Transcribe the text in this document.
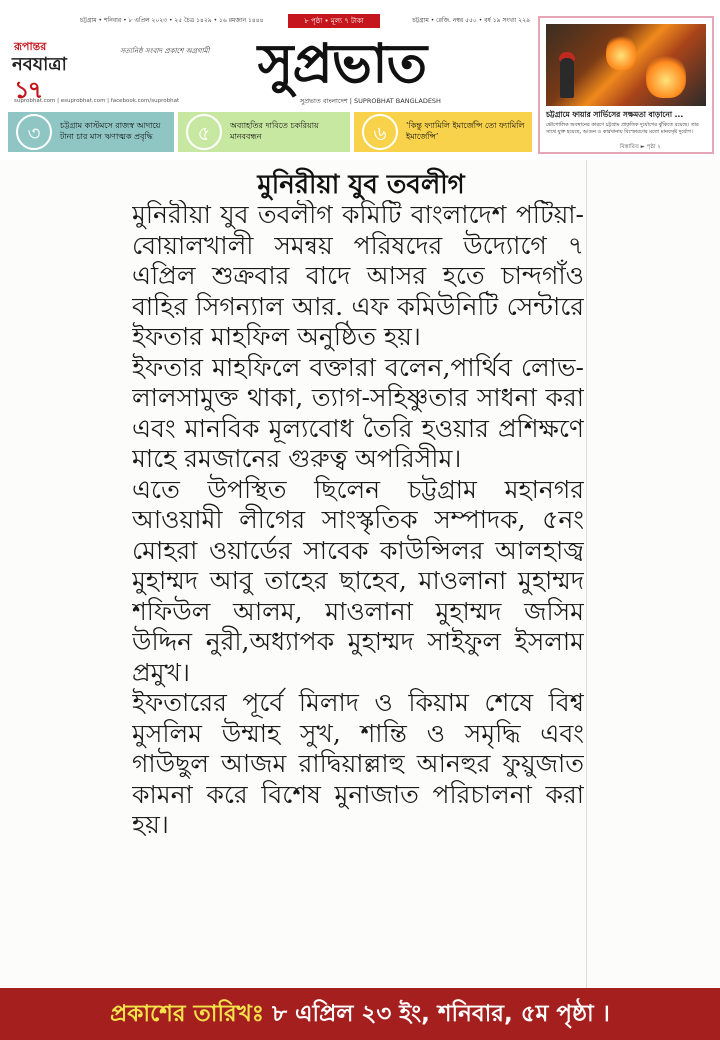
চট্টগ্রাম • শনিবার • ৮ এপ্রিল ২০২৩ • ২৫ চৈত্র ১৪২৯ • ১৬ রমজান ১৪৪৪	৮ পৃষ্ঠা • মূল্য ৭ টাকা	চট্টগ্রাম • রেজি. নম্বর ৫৫০ • বর্ষ ১৯ সংখ্যা ২২৯
রূপান্তর
নবযাত্রা
১৭
সত্যনিষ্ঠ সংবাদ প্রকাশে অগ্রগামী সুপ্রভাত
সুপ্রভাত বাংলাদেশ | SUPROBHAT BANGLADESH
suprobhat.com | esuprobhat.com | facebook.com/suprobhat
৩	চট্টগ্রাম কাস্টমসে রাজস্ব আদায়ে টানা চার মাস ঋণাত্মক প্রবৃদ্ধি	৫	অব্যাহতির দাবিতে চকরিয়ায় মানববন্ধন	৬	‘কিন্তু ফ্যামিলি ইমার্জেন্সি তো ফ্যামিলি ইমার্জেন্সি’
চট্টগ্রামে ফায়ার সার্ভিসের সক্ষমতা বাড়ানো ...
ভৌগোলিক অবস্থানের কারণে চট্টগ্রাম প্রাকৃতিক দুর্যোগের ঝুঁকিতে রয়েছে। তার সাথে যুক্ত হয়েছে, আগুন ও কারখানায় বিস্ফোরণের মতো মানবসৃষ্ট দুর্যোগ।
বিস্তারিত ► পৃষ্ঠা ২
মুনিরীয়া যুব তবলীগ

মুনিরীয়া যুব তবলীগ কমিটি বাংলাদেশ পটিয়া- বোয়ালখালী সমন্বয় পরিষদের উদ্যোগে ৭ এপ্রিল শুক্রবার বাদে আসর হতে চান্দগাঁও বাহির সিগন্যাল আর. এফ কমিউনিটি সেন্টারে ইফতার মাহফিল অনুষ্ঠিত হয়।

ইফতার মাহফিলে বক্তারা বলেন,পার্থিব লোভ-লালসামুক্ত থাকা, ত্যাগ-সহিষ্ণুতার সাধনা করা এবং মানবিক মূল্যবোধ তৈরি হওয়ার প্রশিক্ষণে মাহে রমজানের গুরুত্ব অপরিসীম।

এতে উপস্থিত ছিলেন চট্টগ্রাম মহানগর আওয়ামী লীগের সাংস্কৃতিক সম্পাদক, ৫নং মোহরা ওয়ার্ডের সাবেক কাউন্সিলর আলহাজ্ব মুহাম্মদ আবু তাহের ছাহেব, মাওলানা মুহাম্মদ শফিউল আলম, মাওলানা মুহাম্মদ জসিম উদ্দিন নুরী,অধ্যাপক মুহাম্মদ সাইফুল ইসলাম প্রমুখ।

ইফতারের পূর্বে মিলাদ ও কিয়াম শেষে বিশ্ব মুসলিম উম্মাহ সুখ, শান্তি ও সমৃদ্ধি এবং গাউছুল আজম রাদ্বিয়াল্লাহু আনহুর ফুয়ুজাত কামনা করে বিশেষ মুনাজাত পরিচালনা করা হয়।

প্রকাশের তারিখঃ ৮ এপ্রিল ২৩ ইং, শনিবার, ৫ম পৃষ্ঠা ।
